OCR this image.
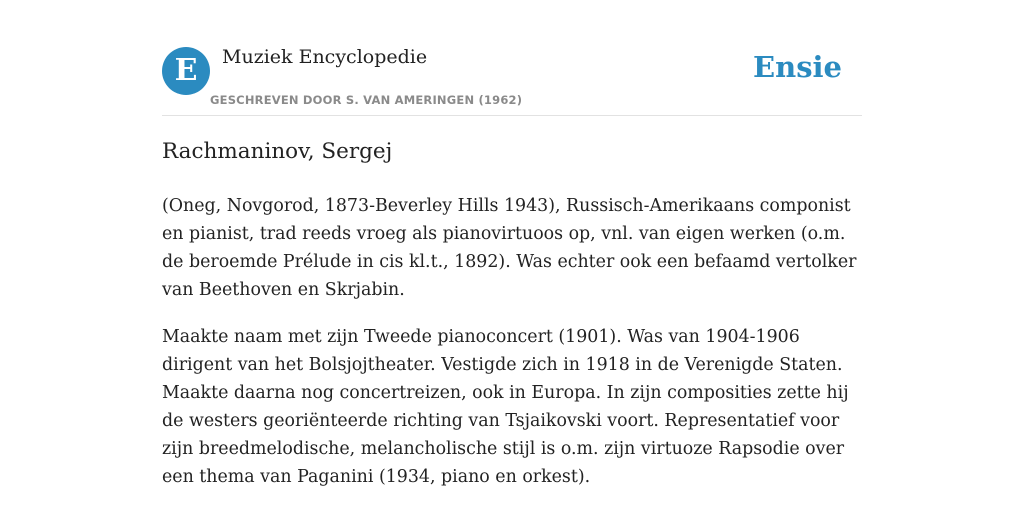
E	Muziek Encyclopedie
GESCHREVEN DOOR S. VAN AMERINGEN (1962)
Ensie
Rachmaninov, Sergej

(Oneg, Novgorod, 1873-Beverley Hills 1943), Russisch-Amerikaans componist en pianist, trad reeds vroeg als pianovirtuoos op, vnl. van eigen werken (o.m. de beroemde Prélude in cis kl.t., 1892). Was echter ook een befaamd vertolker van Beethoven en Skrjabin.

Maakte naam met zijn Tweede pianoconcert (1901). Was van 1904-1906 dirigent van het Bolsjojtheater. Vestigde zich in 1918 in de Verenigde Staten. Maakte daarna nog concertreizen, ook in Europa. In zijn composities zette hij de westers georiënteerde richting van Tsjaikovski voort. Representatief voor zijn breedmelodische, melancholische stijl is o.m. zijn virtuoze Rapsodie over een thema van Paganini (1934, piano en orkest).
